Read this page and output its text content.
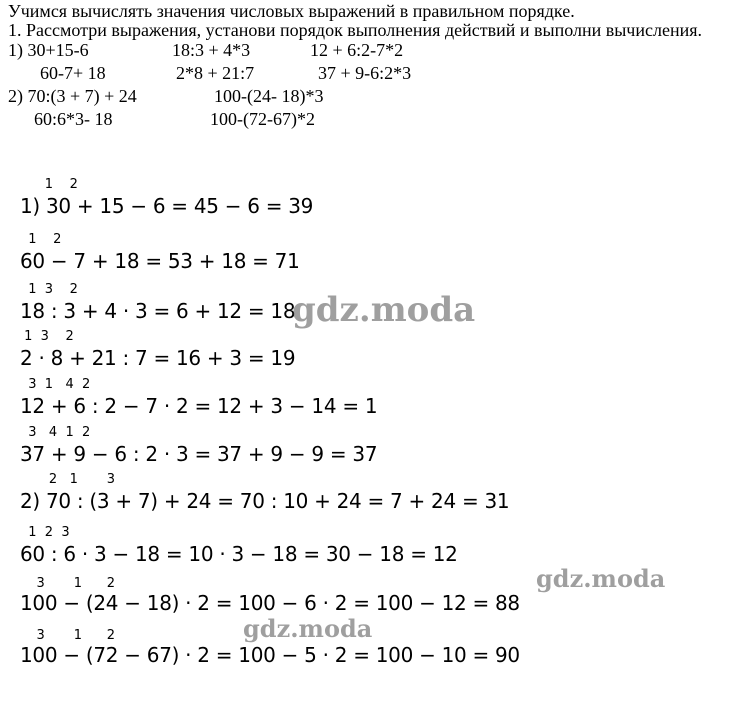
Учимся вычислять значения числовых выражений в правильном порядке.
1. Рассмотри выражения, установи порядок выполнения действий и выполни вычисления.
1) 30+15-6	18:3 + 4*3	12 + 6:2-7*2
60-7+ 18	2*8 + 21:7	37 + 9-6:2*3
2) 70:(3 + 7) + 24	100-(24- 18)*3
60:6*3- 18	100-(72-67)*2
1    2
1) 30 + 15 − 6 = 45 − 6 = 39
1    2
60 − 7 + 18 = 53 + 18 = 71
1  3    2
18 : 3 + 4 · 3 = 6 + 12 = 18
1  3    2
2 · 8 + 21 : 7 = 16 + 3 = 19
3  1   4  2
12 + 6 : 2 − 7 · 2 = 12 + 3 − 14 = 1
3   4  1  2
37 + 9 − 6 : 2 · 3 = 37 + 9 − 9 = 37
2   1       3
2) 70 : (3 + 7) + 24 = 70 : 10 + 24 = 7 + 24 = 31
1  2  3
60 : 6 · 3 − 18 = 10 · 3 − 18 = 30 − 18 = 12
3       1      2
100 − (24 − 18) · 2 = 100 − 6 · 2 = 100 − 12 = 88
3       1      2
100 − (72 − 67) · 2 = 100 − 5 · 2 = 100 − 10 = 90
gdz.moda
gdz.moda
gdz.moda
